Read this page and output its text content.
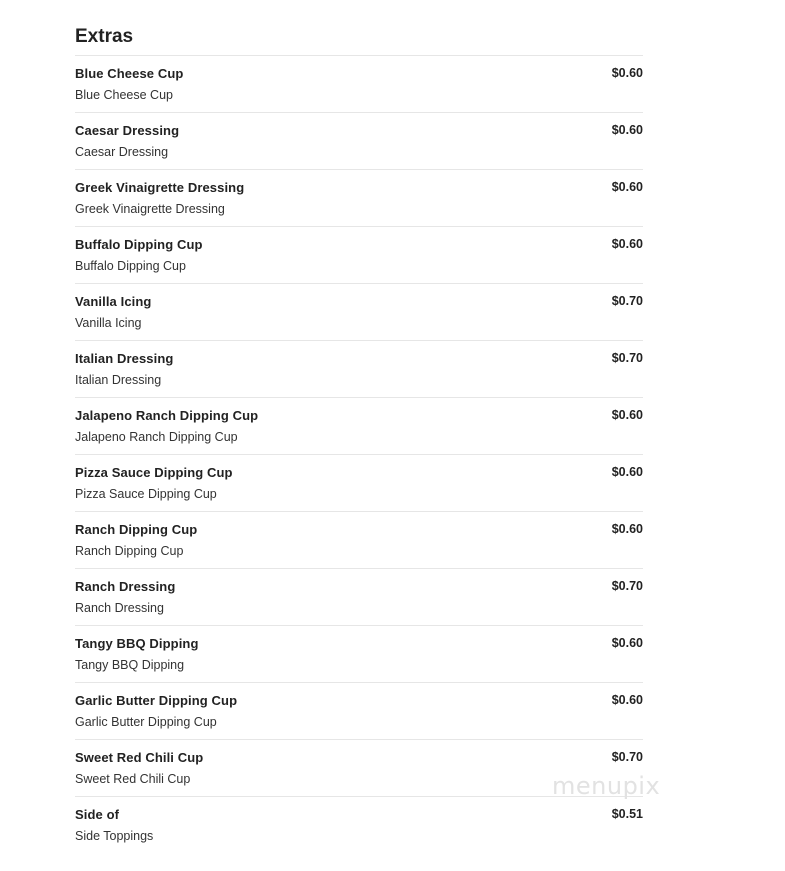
Extras
Blue Cheese Cup
Blue Cheese Cup
$0.60
Caesar Dressing
Caesar Dressing
$0.60
Greek Vinaigrette Dressing
Greek Vinaigrette Dressing
$0.60
Buffalo Dipping Cup
Buffalo Dipping Cup
$0.60
Vanilla Icing
Vanilla Icing
$0.70
Italian Dressing
Italian Dressing
$0.70
Jalapeno Ranch Dipping Cup
Jalapeno Ranch Dipping Cup
$0.60
Pizza Sauce Dipping Cup
Pizza Sauce Dipping Cup
$0.60
Ranch Dipping Cup
Ranch Dipping Cup
$0.60
Ranch Dressing
Ranch Dressing
$0.70
Tangy BBQ Dipping
Tangy BBQ Dipping
$0.60
Garlic Butter Dipping Cup
Garlic Butter Dipping Cup
$0.60
Sweet Red Chili Cup
Sweet Red Chili Cup
$0.70
Side of
Side Toppings
$0.51
menupix
